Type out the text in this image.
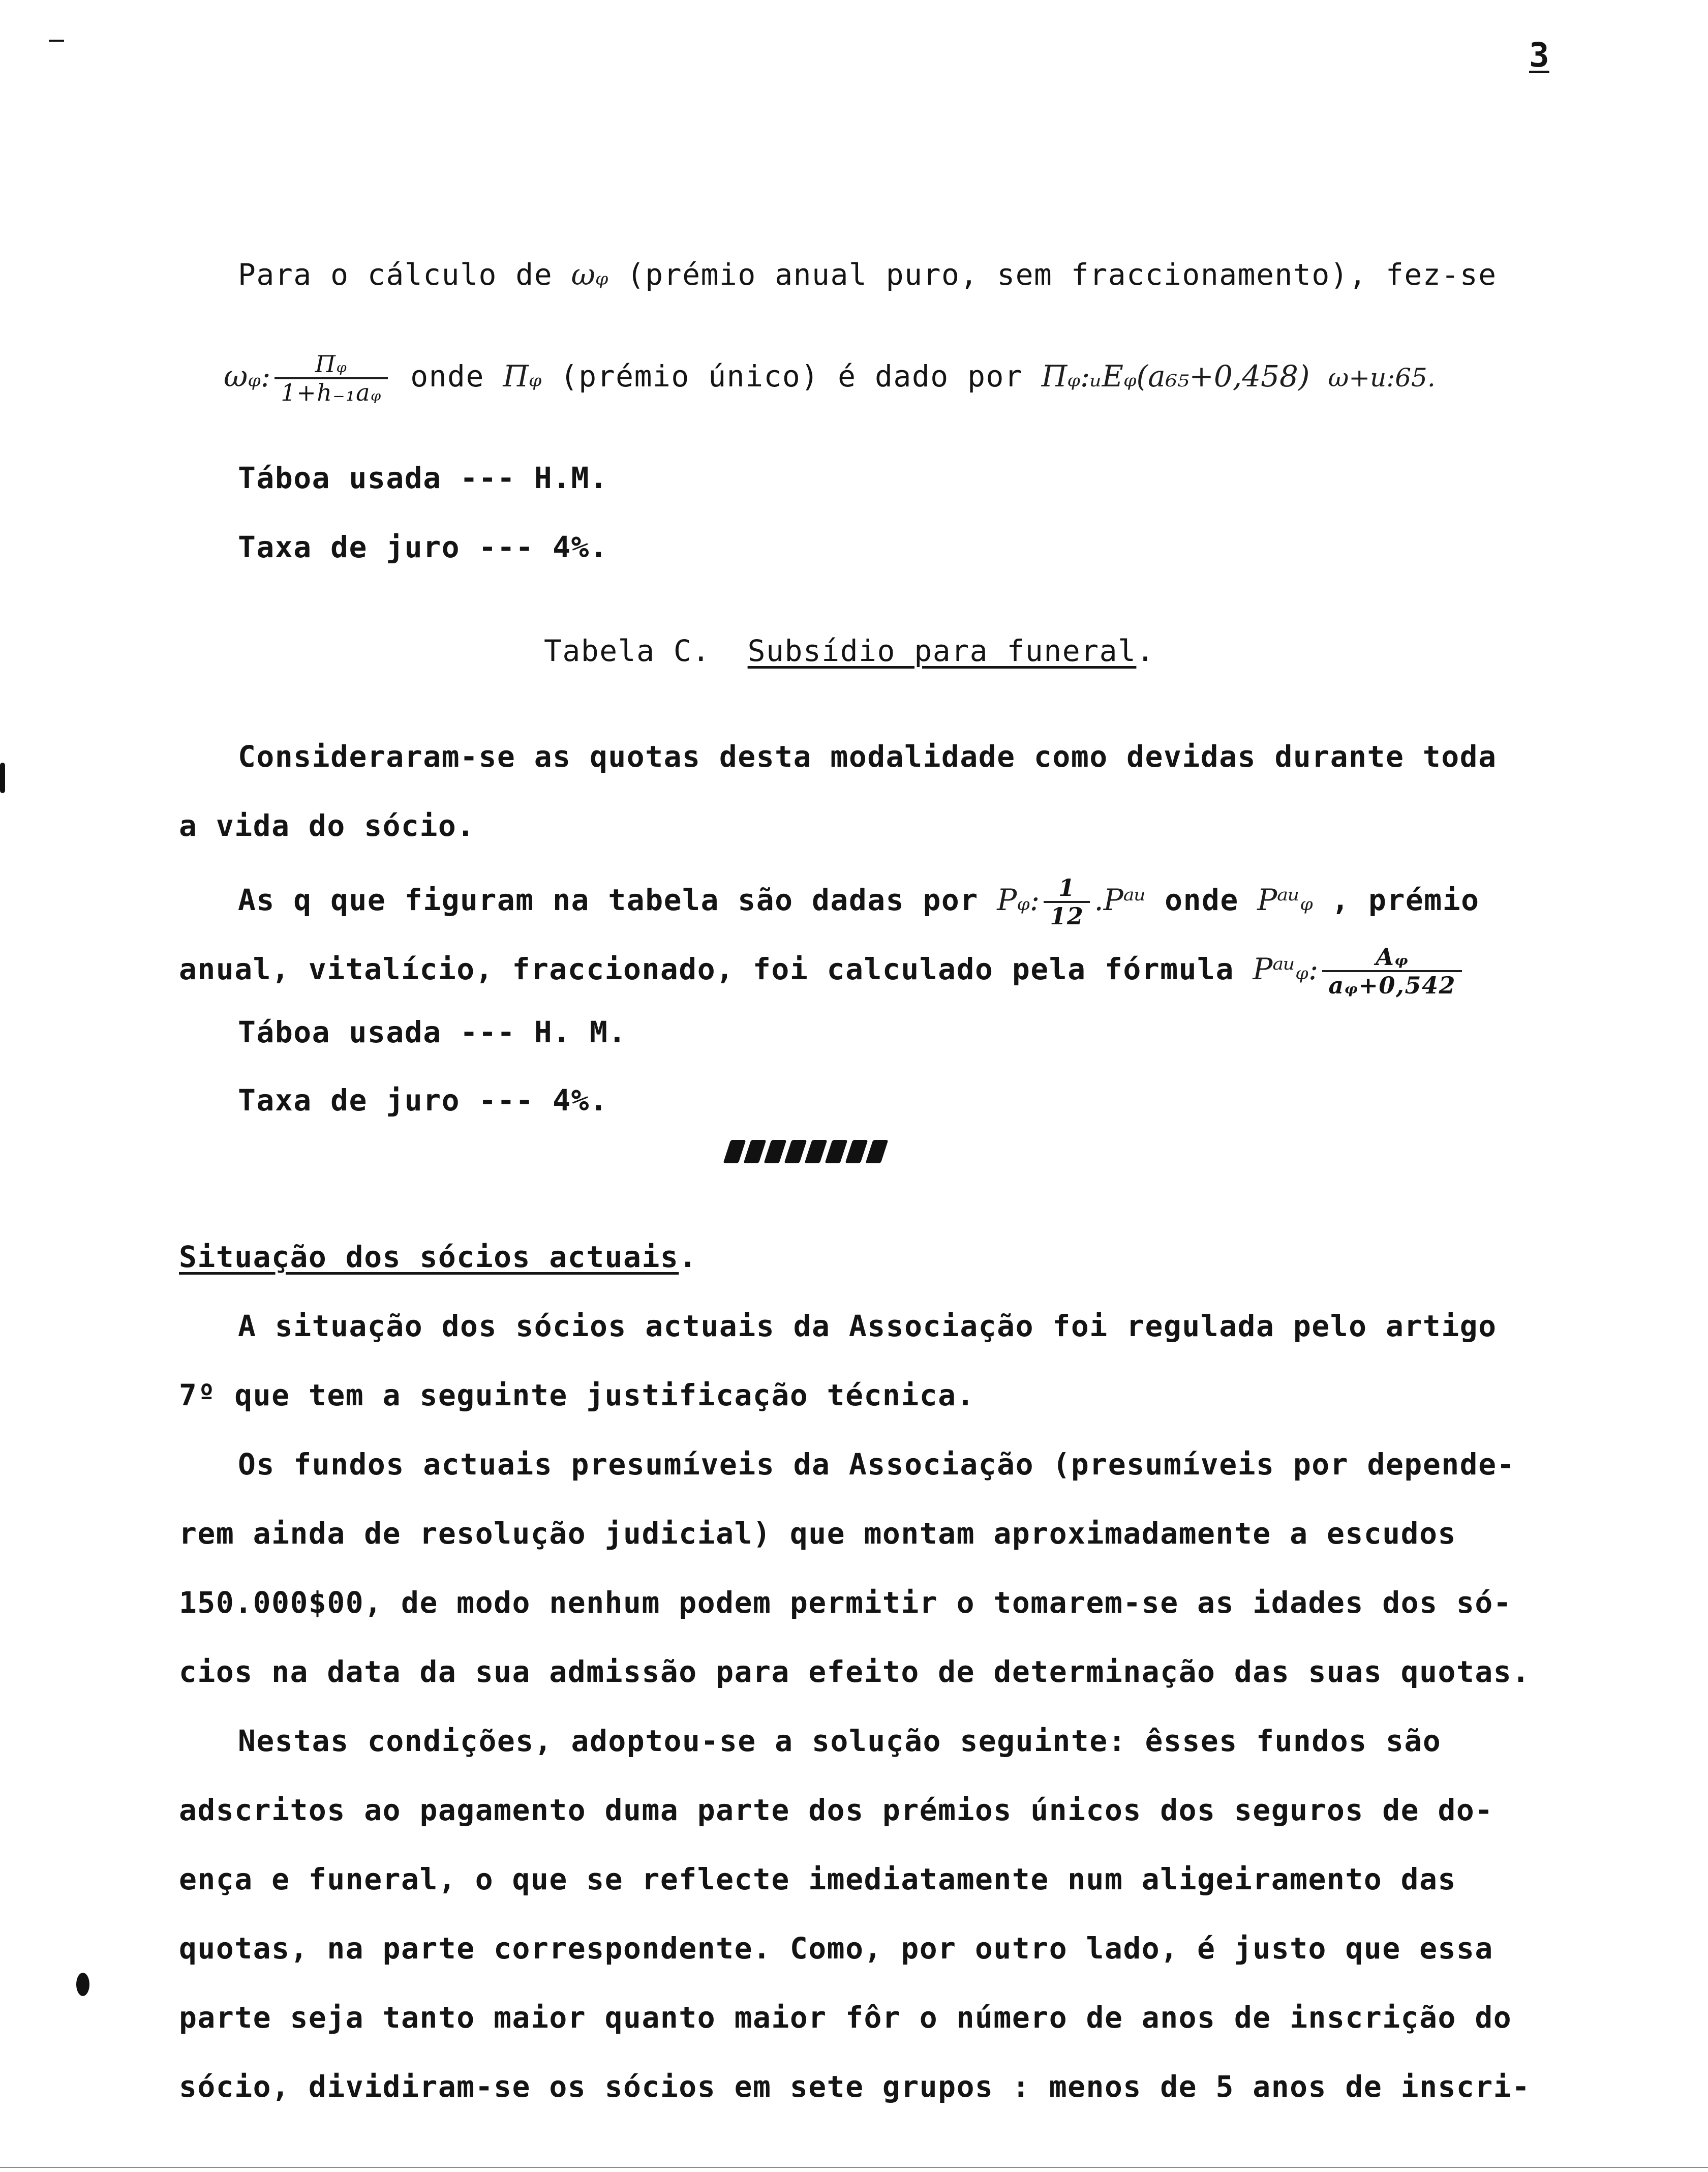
3
Para o cálculo de ωᵩ (prémio anual puro, sem fraccionamento), fez-se
ωᵩ: $\frac{\text{Πᵩ}}{\text{1+h₋₁aᵩ}}$ onde Πᵩ (prémio único) é dado por Πᵩ:ᵤEᵩ(a₆₅+0,458) ω+u:65.
Táboa usada --- H.M.
Taxa de juro --- 4%.
Tabela C.  Subsídio para funeral.
Consideraram-se as quotas desta modalidade como devidas durante toda
a vida do sócio.
As q que figuram na tabela são dadas por Pᵩ: $\frac{1}{12}$ .Pᵃᵘ onde Pᵃᵘᵩ , prémio
anual, vitalício, fraccionado, foi calculado pela fórmula Pᵃᵘᵩ: $\frac{\text{Aᵩ}}{\text{aᵩ+0,542}}$
Táboa usada --- H. M.
Taxa de juro --- 4%.
Situação dos sócios actuais.
A situação dos sócios actuais da Associação foi regulada pelo artigo
7º que tem a seguinte justificação técnica.
Os fundos actuais presumíveis da Associação (presumíveis por depende-
rem ainda de resolução judicial) que montam aproximadamente a escudos
150.000$00, de modo nenhum podem permitir o tomarem-se as idades dos só-
cios na data da sua admissão para efeito de determinação das suas quotas.
Nestas condições, adoptou-se a solução seguinte: êsses fundos são
adscritos ao pagamento duma parte dos prémios únicos dos seguros de do-
ença e funeral, o que se reflecte imediatamente num aligeiramento das
quotas, na parte correspondente. Como, por outro lado, é justo que essa
parte seja tanto maior quanto maior fôr o número de anos de inscrição do
sócio, dividiram-se os sócios em sete grupos : menos de 5 anos de inscri-
